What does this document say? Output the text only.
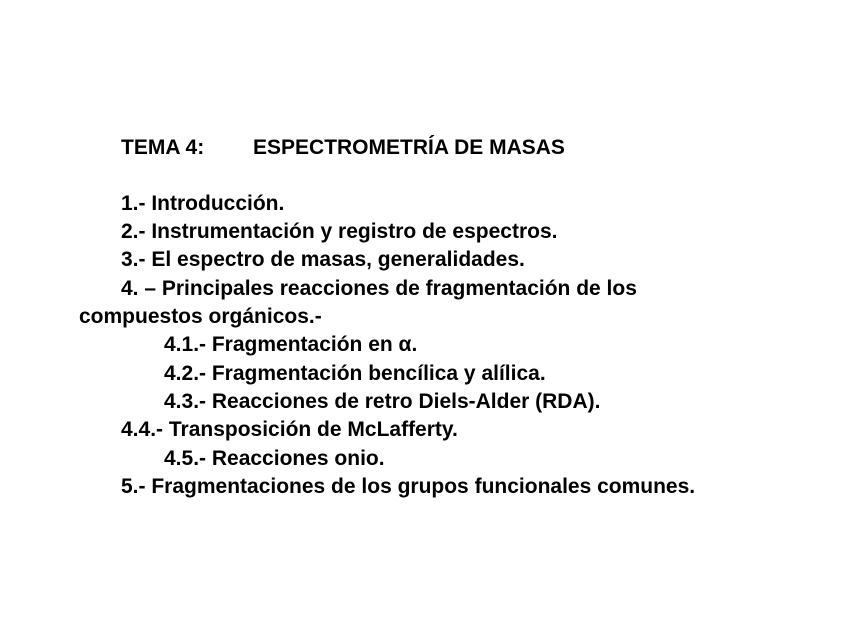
TEMA 4: ESPECTROMETRÍA DE MASAS
1.- Introducción.
2.- Instrumentación y registro de espectros.
3.- El espectro de masas, generalidades.
4. – Principales reacciones de fragmentación de los
compuestos orgánicos.-
4.1.- Fragmentación en α.
4.2.- Fragmentación bencílica y alílica.
4.3.- Reacciones de retro Diels-Alder (RDA).
4.4.- Transposición de McLafferty.
4.5.- Reacciones onio.
5.- Fragmentaciones de los grupos funcionales comunes.
